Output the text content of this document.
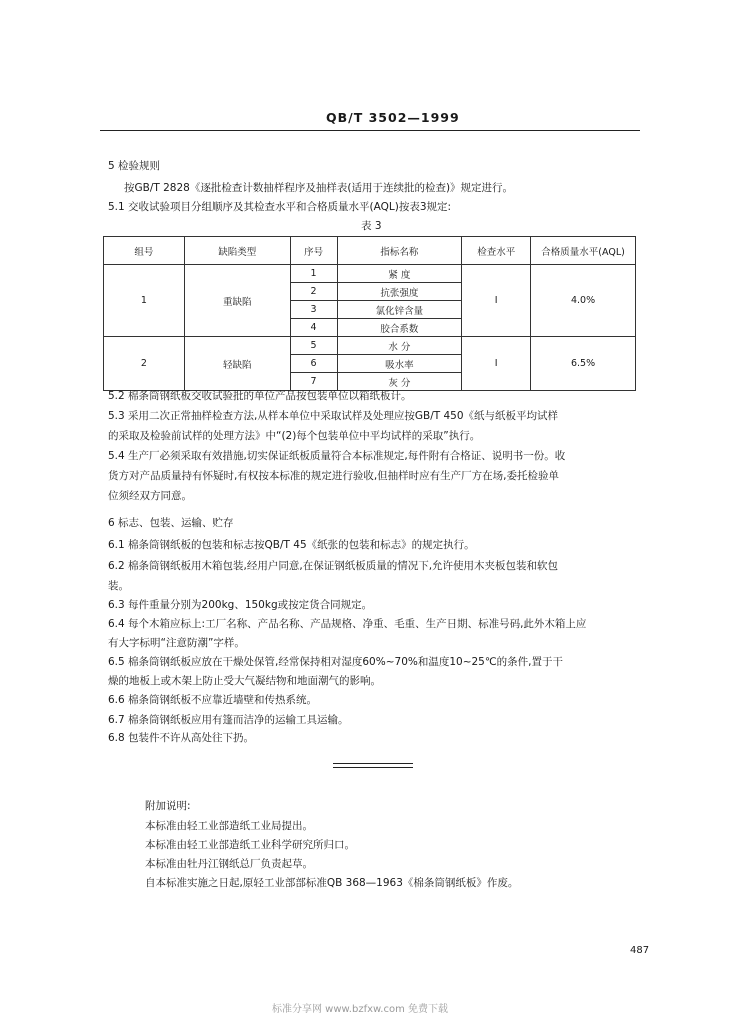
QB/T 3502—1999
5 检验规则
按GB/T 2828《逐批检查计数抽样程序及抽样表(适用于连续批的检查)》规定进行。
5.1 交收试验项目分组顺序及其检查水平和合格质量水平(AQL)按表3规定:
表 3
组号	缺陷类型	序号	指标名称	检查水平	合格质量水平(AQL)
1	重缺陷	1	紧 度	I	4.0%
		2	抗张强度		
		3	氯化锌含量		
		4	胶合系数		
2	轻缺陷	5	水 分	I	6.5%
		6	吸水率		
		7	灰 分		
5.2 棉条筒钢纸板交收试验批的单位产品按包装单位以箱纸板计。
5.3 采用二次正常抽样检查方法,从样本单位中采取试样及处理应按GB/T 450《纸与纸板平均试样
的采取及检验前试样的处理方法》中“(2)每个包装单位中平均试样的采取”执行。
5.4 生产厂必须采取有效措施,切实保证纸板质量符合本标准规定,每件附有合格证、说明书一份。收
货方对产品质量持有怀疑时,有权按本标准的规定进行验收,但抽样时应有生产厂方在场,委托检验单
位须经双方同意。
6 标志、包装、运输、贮存
6.1 棉条筒钢纸板的包装和标志按QB/T 45《纸张的包装和标志》的规定执行。
6.2 棉条筒钢纸板用木箱包装,经用户同意,在保证钢纸板质量的情况下,允许使用木夹板包装和软包
装。
6.3 每件重量分别为200kg、150kg或按定货合同规定。
6.4 每个木箱应标上:工厂名称、产品名称、产品规格、净重、毛重、生产日期、标准号码,此外木箱上应
有大字标明“注意防潮”字样。
6.5 棉条筒钢纸板应放在干燥处保管,经常保持相对湿度60%~70%和温度10~25℃的条件,置于干
燥的地板上或木架上防止受大气凝结物和地面潮气的影响。
6.6 棉条筒钢纸板不应靠近墙壁和传热系统。
6.7 棉条筒钢纸板应用有篷而洁净的运输工具运输。
6.8 包装件不许从高处往下扔。
附加说明:
本标准由轻工业部造纸工业局提出。
本标准由轻工业部造纸工业科学研究所归口。
本标准由牡丹江钢纸总厂负责起草。
自本标准实施之日起,原轻工业部部标准QB 368—1963《棉条筒钢纸板》作废。
487
标准分享网 www.bzfxw.com 免费下载
